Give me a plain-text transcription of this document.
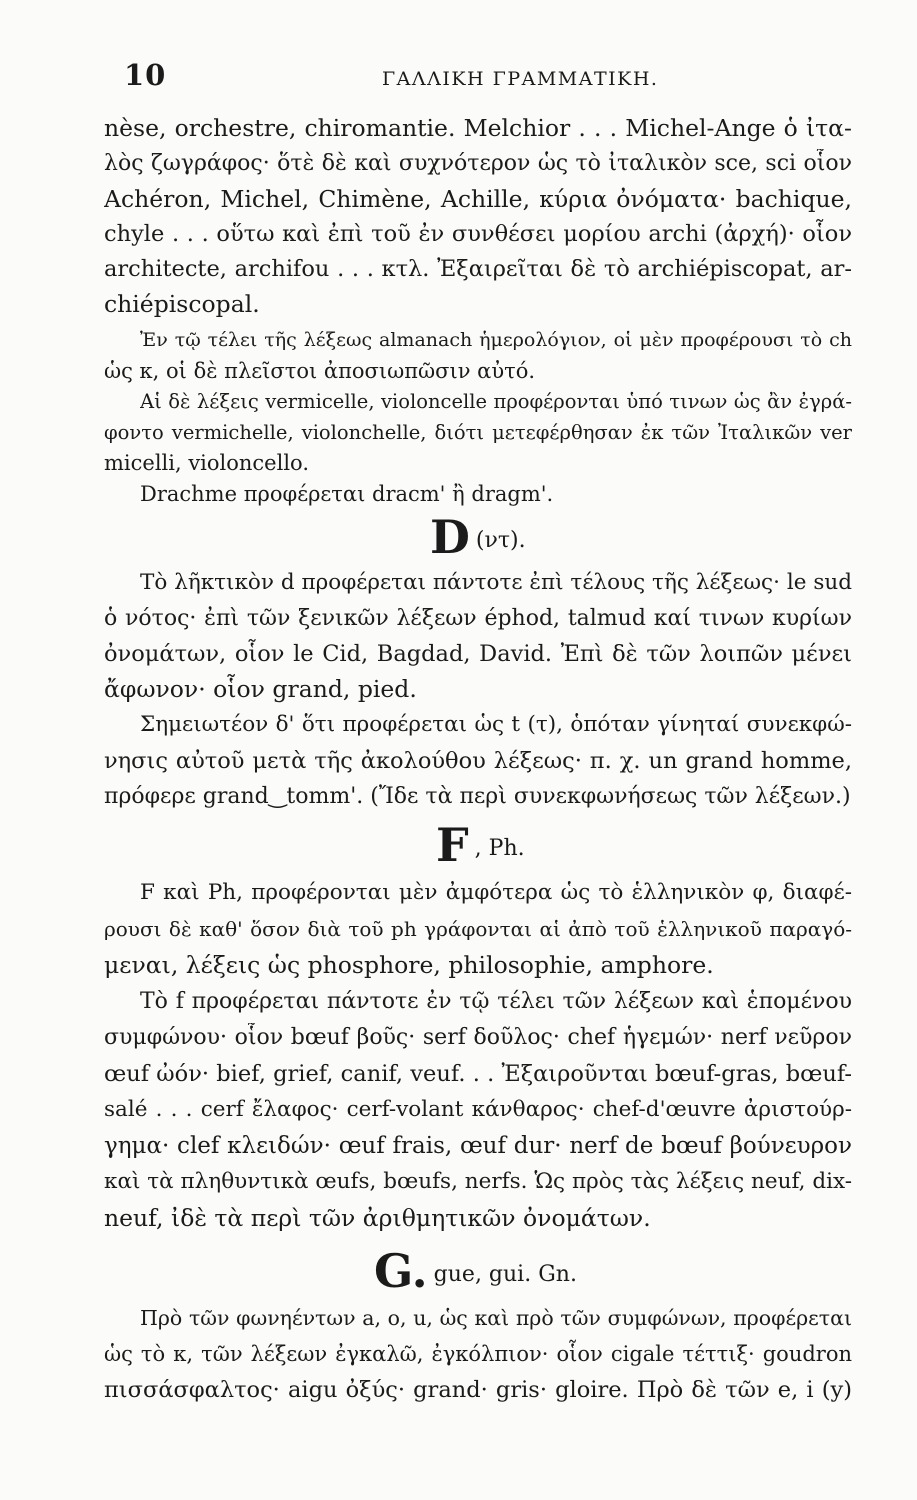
10	ΓΑΛΛΙΚΗ ΓΡΑΜΜΑΤΙΚΗ.
nèse, orchestre, chiromantie. Melchior . . . Michel-Ange ὁ ἰτα-
λὸς ζωγράφος· ὅτὲ δὲ καὶ συχνότερον ὡς τὸ ἰταλικὸν sce, sci οἷον
Achéron, Michel, Chimène, Achille, κύρια ὀνόματα· bachique,
chyle . . . οὕτω καὶ ἐπὶ τοῦ ἐν συνθέσει μορίου archi (ἀρχή)· οἷον
architecte, archifou . . . κτλ. Ἐξαιρεῖται δὲ τὸ archiépiscopat, ar-
chiépiscopal.
Ἐν τῷ τέλει τῆς λέξεως almanach ἡμερολόγιον, οἱ μὲν προφέρουσι τὸ ch
ὡς κ, οἱ δὲ πλεῖστοι ἀποσιωπῶσιν αὐτό.
Αἱ δὲ λέξεις vermicelle, violoncelle προφέρονται ὑπό τινων ὡς ἂν ἐγρά-
φοντο vermichelle, violonchelle, διότι μετεφέρθησαν ἐκ τῶν Ἰταλικῶν ver
micelli, violoncello.
Drachme προφέρεται dracm' ἢ dragm'.
D (ντ).
Τὸ λῆκτικὸν d προφέρεται πάντοτε ἐπὶ τέλους τῆς λέξεως· le sud
ὁ νότος· ἐπὶ τῶν ξενικῶν λέξεων éphod, talmud καί τινων κυρίων
ὀνομάτων, οἷον le Cid, Bagdad, David. Ἐπὶ δὲ τῶν λοιπῶν μένει
ἄφωνον· οἷον grand, pied.
Σημειωτέον δ' ὅτι προφέρεται ὡς t (τ), ὁπόταν γίνηταί συνεκφώ-
νησις αὐτοῦ μετὰ τῆς ἀκολούθου λέξεως· π. χ. un grand homme,
πρόφερε grand‿tomm'. (Ἴδε τὰ περὶ συνεκφωνήσεως τῶν λέξεων.)
F , Ph.
F καὶ Ph, προφέρονται μὲν ἀμφότερα ὡς τὸ ἑλληνικὸν φ, διαφέ-
ρουσι δὲ καθ' ὅσον διὰ τοῦ ph γράφονται αἱ ἀπὸ τοῦ ἑλληνικοῦ παραγό-
μεναι, λέξεις ὡς phosphore, philosophie, amphore.
Τὸ f προφέρεται πάντοτε ἐν τῷ τέλει τῶν λέξεων καὶ ἑπομένου
συμφώνου· οἷον bœuf βοῦς· serf δοῦλος· chef ἡγεμών· nerf νεῦρον
œuf ὠόν· bief, grief, canif, veuf. . . Ἐξαιροῦνται bœuf-gras, bœuf-
salé . . . cerf ἔλαφος· cerf-volant κάνθαρος· chef-d'œuvre ἀριστούρ-
γημα· clef κλειδών· œuf frais, œuf dur· nerf de bœuf βούνευρον
καὶ τὰ πληθυντικὰ œufs, bœufs, nerfs. Ὡς πρὸς τὰς λέξεις neuf, dix-
neuf, ἰδὲ τὰ περὶ τῶν ἀριθμητικῶν ὀνομάτων.
G. gue, gui. Gn.
Πρὸ τῶν φωνηέντων a, o, u, ὡς καὶ πρὸ τῶν συμφώνων, προφέρεται
ὡς τὸ κ, τῶν λέξεων ἐγκαλῶ, ἐγκόλπιον· οἷον cigale τέττιξ· goudron
πισσάσφαλτος· aigu ὀξύς· grand· gris· gloire. Πρὸ δὲ τῶν e, i (y)
